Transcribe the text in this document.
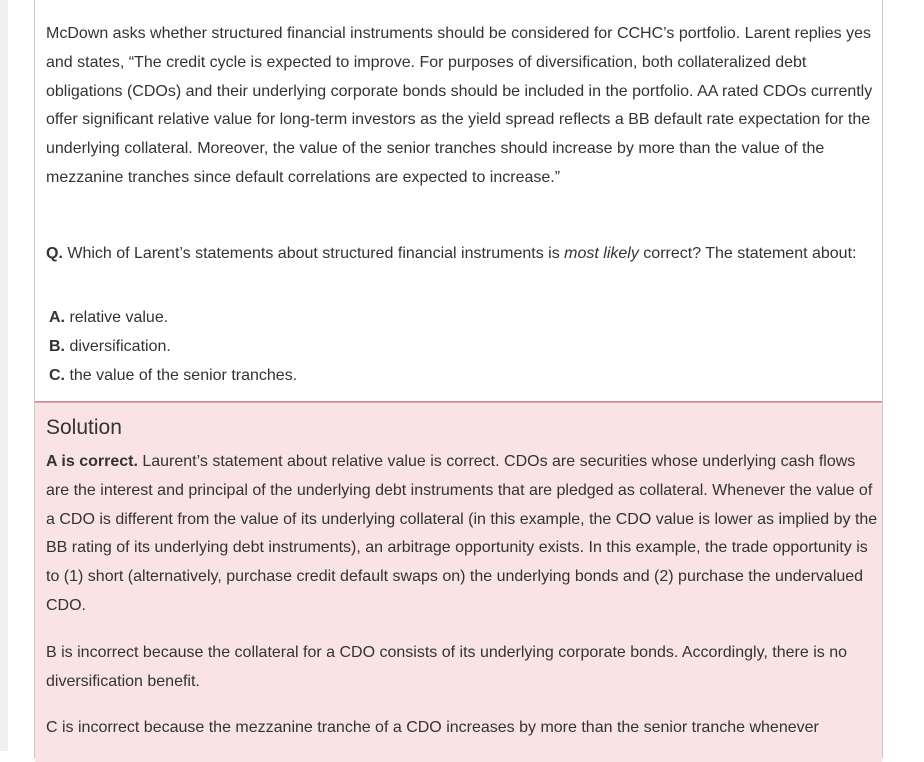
McDown asks whether structured financial instruments should be considered for CCHC’s portfolio. Larent replies yes and states, “The credit cycle is expected to improve. For purposes of diversification, both collateralized debt obligations (CDOs) and their underlying corporate bonds should be included in the portfolio. AA rated CDOs currently offer significant relative value for long-term investors as the yield spread reflects a BB default rate expectation for the underlying collateral. Moreover, the value of the senior tranches should increase by more than the value of the mezzanine tranches since default correlations are expected to increase.”

Q. Which of Larent’s statements about structured financial instruments is most likely correct? The statement about:

A. relative value.
B. diversification.
C. the value of the senior tranches.
Solution

A is correct. Laurent’s statement about relative value is correct. CDOs are securities whose underlying cash flows are the interest and principal of the underlying debt instruments that are pledged as collateral. Whenever the value of a CDO is different from the value of its underlying collateral (in this example, the CDO value is lower as implied by the BB rating of its underlying debt instruments), an arbitrage opportunity exists. In this example, the trade opportunity is to (1) short (alternatively, purchase credit default swaps on) the underlying bonds and (2) purchase the undervalued CDO.

B is incorrect because the collateral for a CDO consists of its underlying corporate bonds. Accordingly, there is no diversification benefit.

C is incorrect because the mezzanine tranche of a CDO increases by more than the senior tranche whenever
